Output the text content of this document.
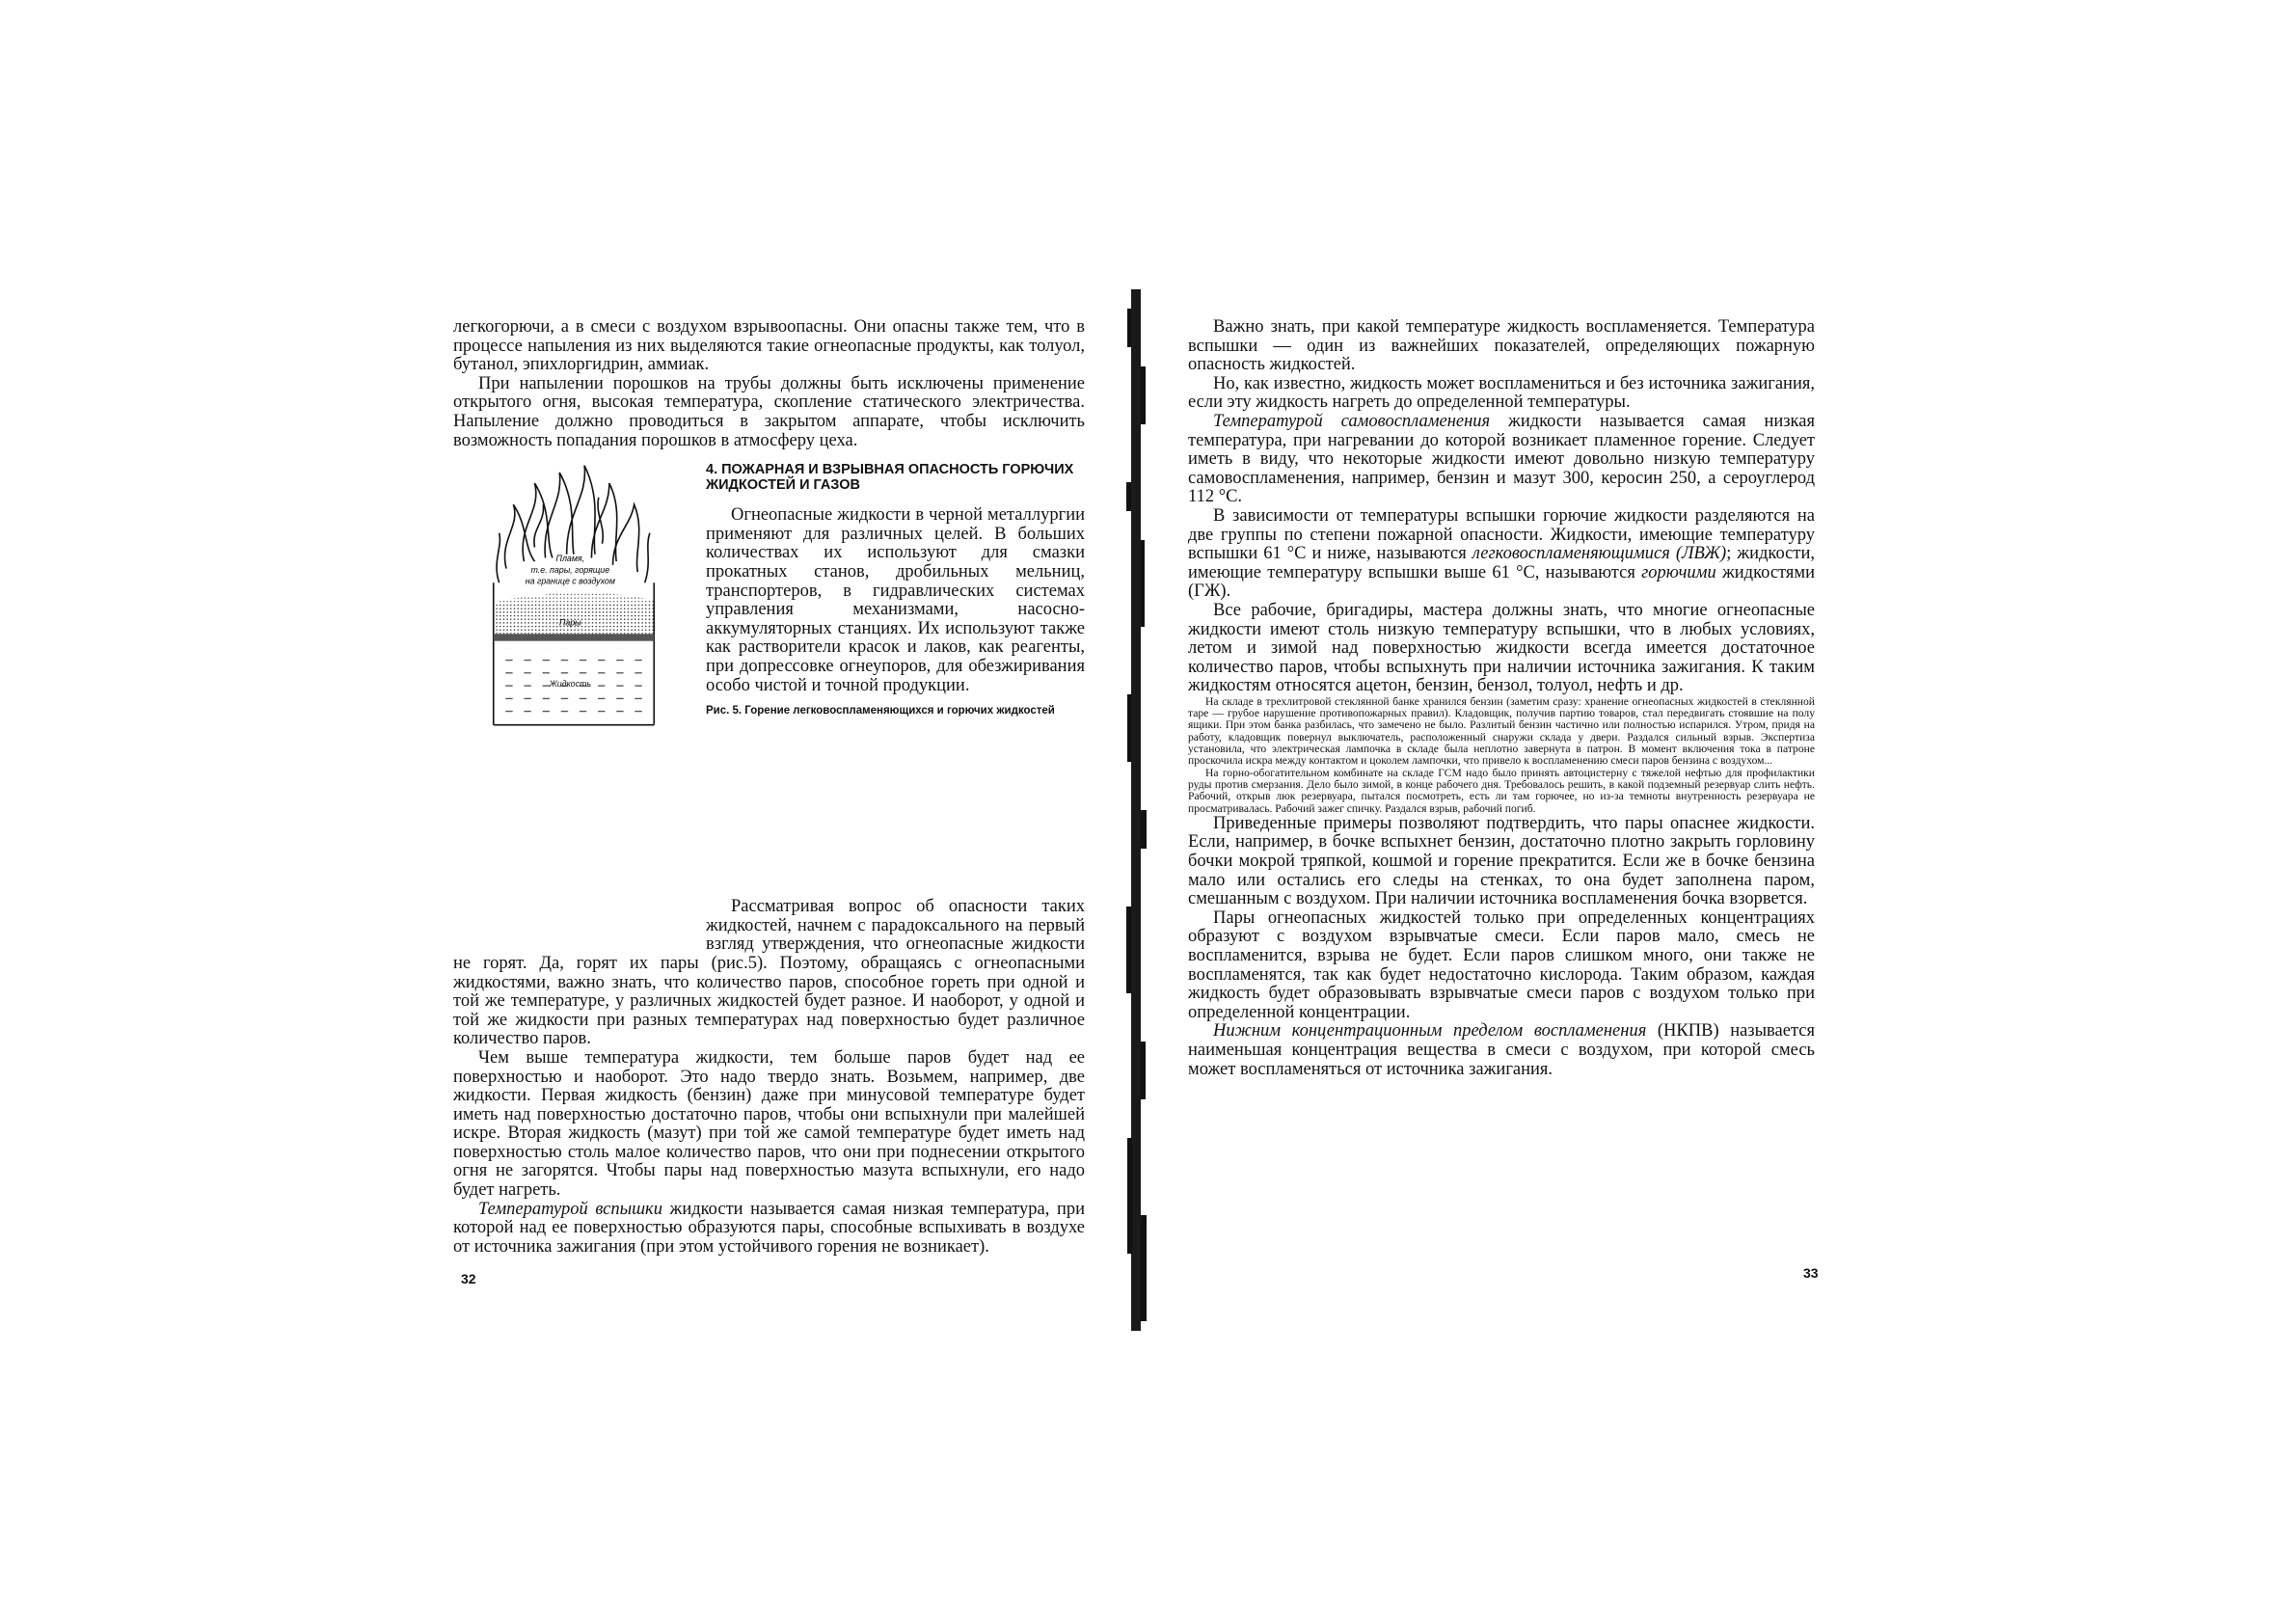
легкогорючи, а в смеси с воздухом взрывоопасны. Они опасны также тем, что в процессе напыления из них выделяются такие огнеопасные продукты, как толуол, бутанол, эпихлоргидрин, аммиак.

При напылении порошков на трубы должны быть исключены применение открытого огня, высокая температура, скопление статического электричества. Напыление должно проводиться в закрытом аппарате, чтобы исключить возможность попадания порошков в атмосферу цеха.

Пламя,
т.е. пары, горящие
на границе с воздухом
Пары
Жидкость
4. ПОЖАРНАЯ И ВЗРЫВНАЯ ОПАСНОСТЬ ГОРЮЧИХ ЖИДКОСТЕЙ И ГАЗОВ

Огнеопасные жидкости в черной металлургии применяют для различных целей. В больших количествах их используют для смазки прокатных станов, дробильных мельниц, транспортеров, в гидравлических системах управления механизмами, насосно-аккумуляторных станциях. Их используют также как растворители красок и лаков, как реагенты, при допрессовке огнеупоров, для обезжиривания особо чистой и точной продукции.

Рис. 5. Горение легковоспламеняющихся и горючих жидкостей

Рассматривая вопрос об опасности таких жидкостей, начнем с парадоксального на первый взгляд утверждения, что огнеопасные жидкости не горят. Да, горят их пары (рис.5). Поэтому, обращаясь с огнеопасными жидкостями, важно знать, что количество паров, способное гореть при одной и той же температуре, у различных жидкостей будет разное. И наоборот, у одной и той же жидкости при разных температурах над поверхностью будет различное количество паров.

Чем выше температура жидкости, тем больше паров будет над ее поверхностью и наоборот. Это надо твердо знать. Возьмем, например, две жидкости. Первая жидкость (бензин) даже при минусовой температуре будет иметь над поверхностью достаточно паров, чтобы они вспыхнули при малейшей искре. Вторая жидкость (мазут) при той же самой температуре будет иметь над поверхностью столь малое количество паров, что они при поднесении открытого огня не загорятся. Чтобы пары над поверхностью мазута вспыхнули, его надо будет нагреть.

Температурой вспышки жидкости называется самая низкая температура, при которой над ее поверхностью образуются пары, способные вспыхивать в воздухе от источника зажигания (при этом устойчивого горения не возникает).

32

Важно знать, при какой температуре жидкость воспламеняется. Температура вспышки — один из важнейших показателей, определяющих пожарную опасность жидкостей.

Но, как известно, жидкость может воспламениться и без источника зажигания, если эту жидкость нагреть до определенной температуры.

Температурой самовоспламенения жидкости называется самая низкая температура, при нагревании до которой возникает пламенное горение. Следует иметь в виду, что некоторые жидкости имеют довольно низкую температуру самовоспламенения, например, бензин и мазут 300, керосин 250, а сероуглерод 112 °С.

В зависимости от температуры вспышки горючие жидкости разделяются на две группы по степени пожарной опасности. Жидкости, имеющие температуру вспышки 61 °С и ниже, называются легковоспламеняющимися (ЛВЖ); жидкости, имеющие температуру вспышки выше 61 °С, называются горючими жидкостями (ГЖ).

Все рабочие, бригадиры, мастера должны знать, что многие огнеопасные жидкости имеют столь низкую температуру вспышки, что в любых условиях, летом и зимой над поверхностью жидкости всегда имеется достаточное количество паров, чтобы вспыхнуть при наличии источника зажигания. К таким жидкостям относятся ацетон, бензин, бензол, толуол, нефть и др.

На складе в трехлитровой стеклянной банке хранился бензин (заметим сразу: хранение огнеопасных жидкостей в стеклянной таре — грубое нарушение противопожарных правил). Кладовщик, получив партию товаров, стал передвигать стоявшие на полу ящики. При этом банка разбилась, что замечено не было. Разлитый бензин частично или полностью испарился. Утром, придя на работу, кладовщик повернул выключатель, расположенный снаружи склада у двери. Раздался сильный взрыв. Экспертиза установила, что электрическая лампочка в складе была неплотно завернута в патрон. В момент включения тока в патроне проскочила искра между контактом и цоколем лампочки, что привело к воспламенению смеси паров бензина с воздухом...

На горно-обогатительном комбинате на складе ГСМ надо было принять автоцистерну с тяжелой нефтью для профилактики руды против смерзания. Дело было зимой, в конце рабочего дня. Требовалось решить, в какой подземный резервуар слить нефть. Рабочий, открыв люк резервуара, пытался посмотреть, есть ли там горючее, но из-за темноты внутренность резервуара не просматривалась. Рабочий зажег спичку. Раздался взрыв, рабочий погиб.

Приведенные примеры позволяют подтвердить, что пары опаснее жидкости. Если, например, в бочке вспыхнет бензин, достаточно плотно закрыть горловину бочки мокрой тряпкой, кошмой и горение прекратится. Если же в бочке бензина мало или остались его следы на стенках, то она будет заполнена паром, смешанным с воздухом. При наличии источника воспламенения бочка взорвется.

Пары огнеопасных жидкостей только при определенных концентрациях образуют с воздухом взрывчатые смеси. Если паров мало, смесь не воспламенится, взрыва не будет. Если паров слишком много, они также не воспламенятся, так как будет недостаточно кислорода. Таким образом, каждая жидкость будет образовывать взрывчатые смеси паров с воздухом только при определенной концентрации.

Нижним концентрационным пределом воспламенения (НКПВ) называется наименьшая концентрация вещества в смеси с воздухом, при которой смесь может воспламеняться от источника зажигания.

33
